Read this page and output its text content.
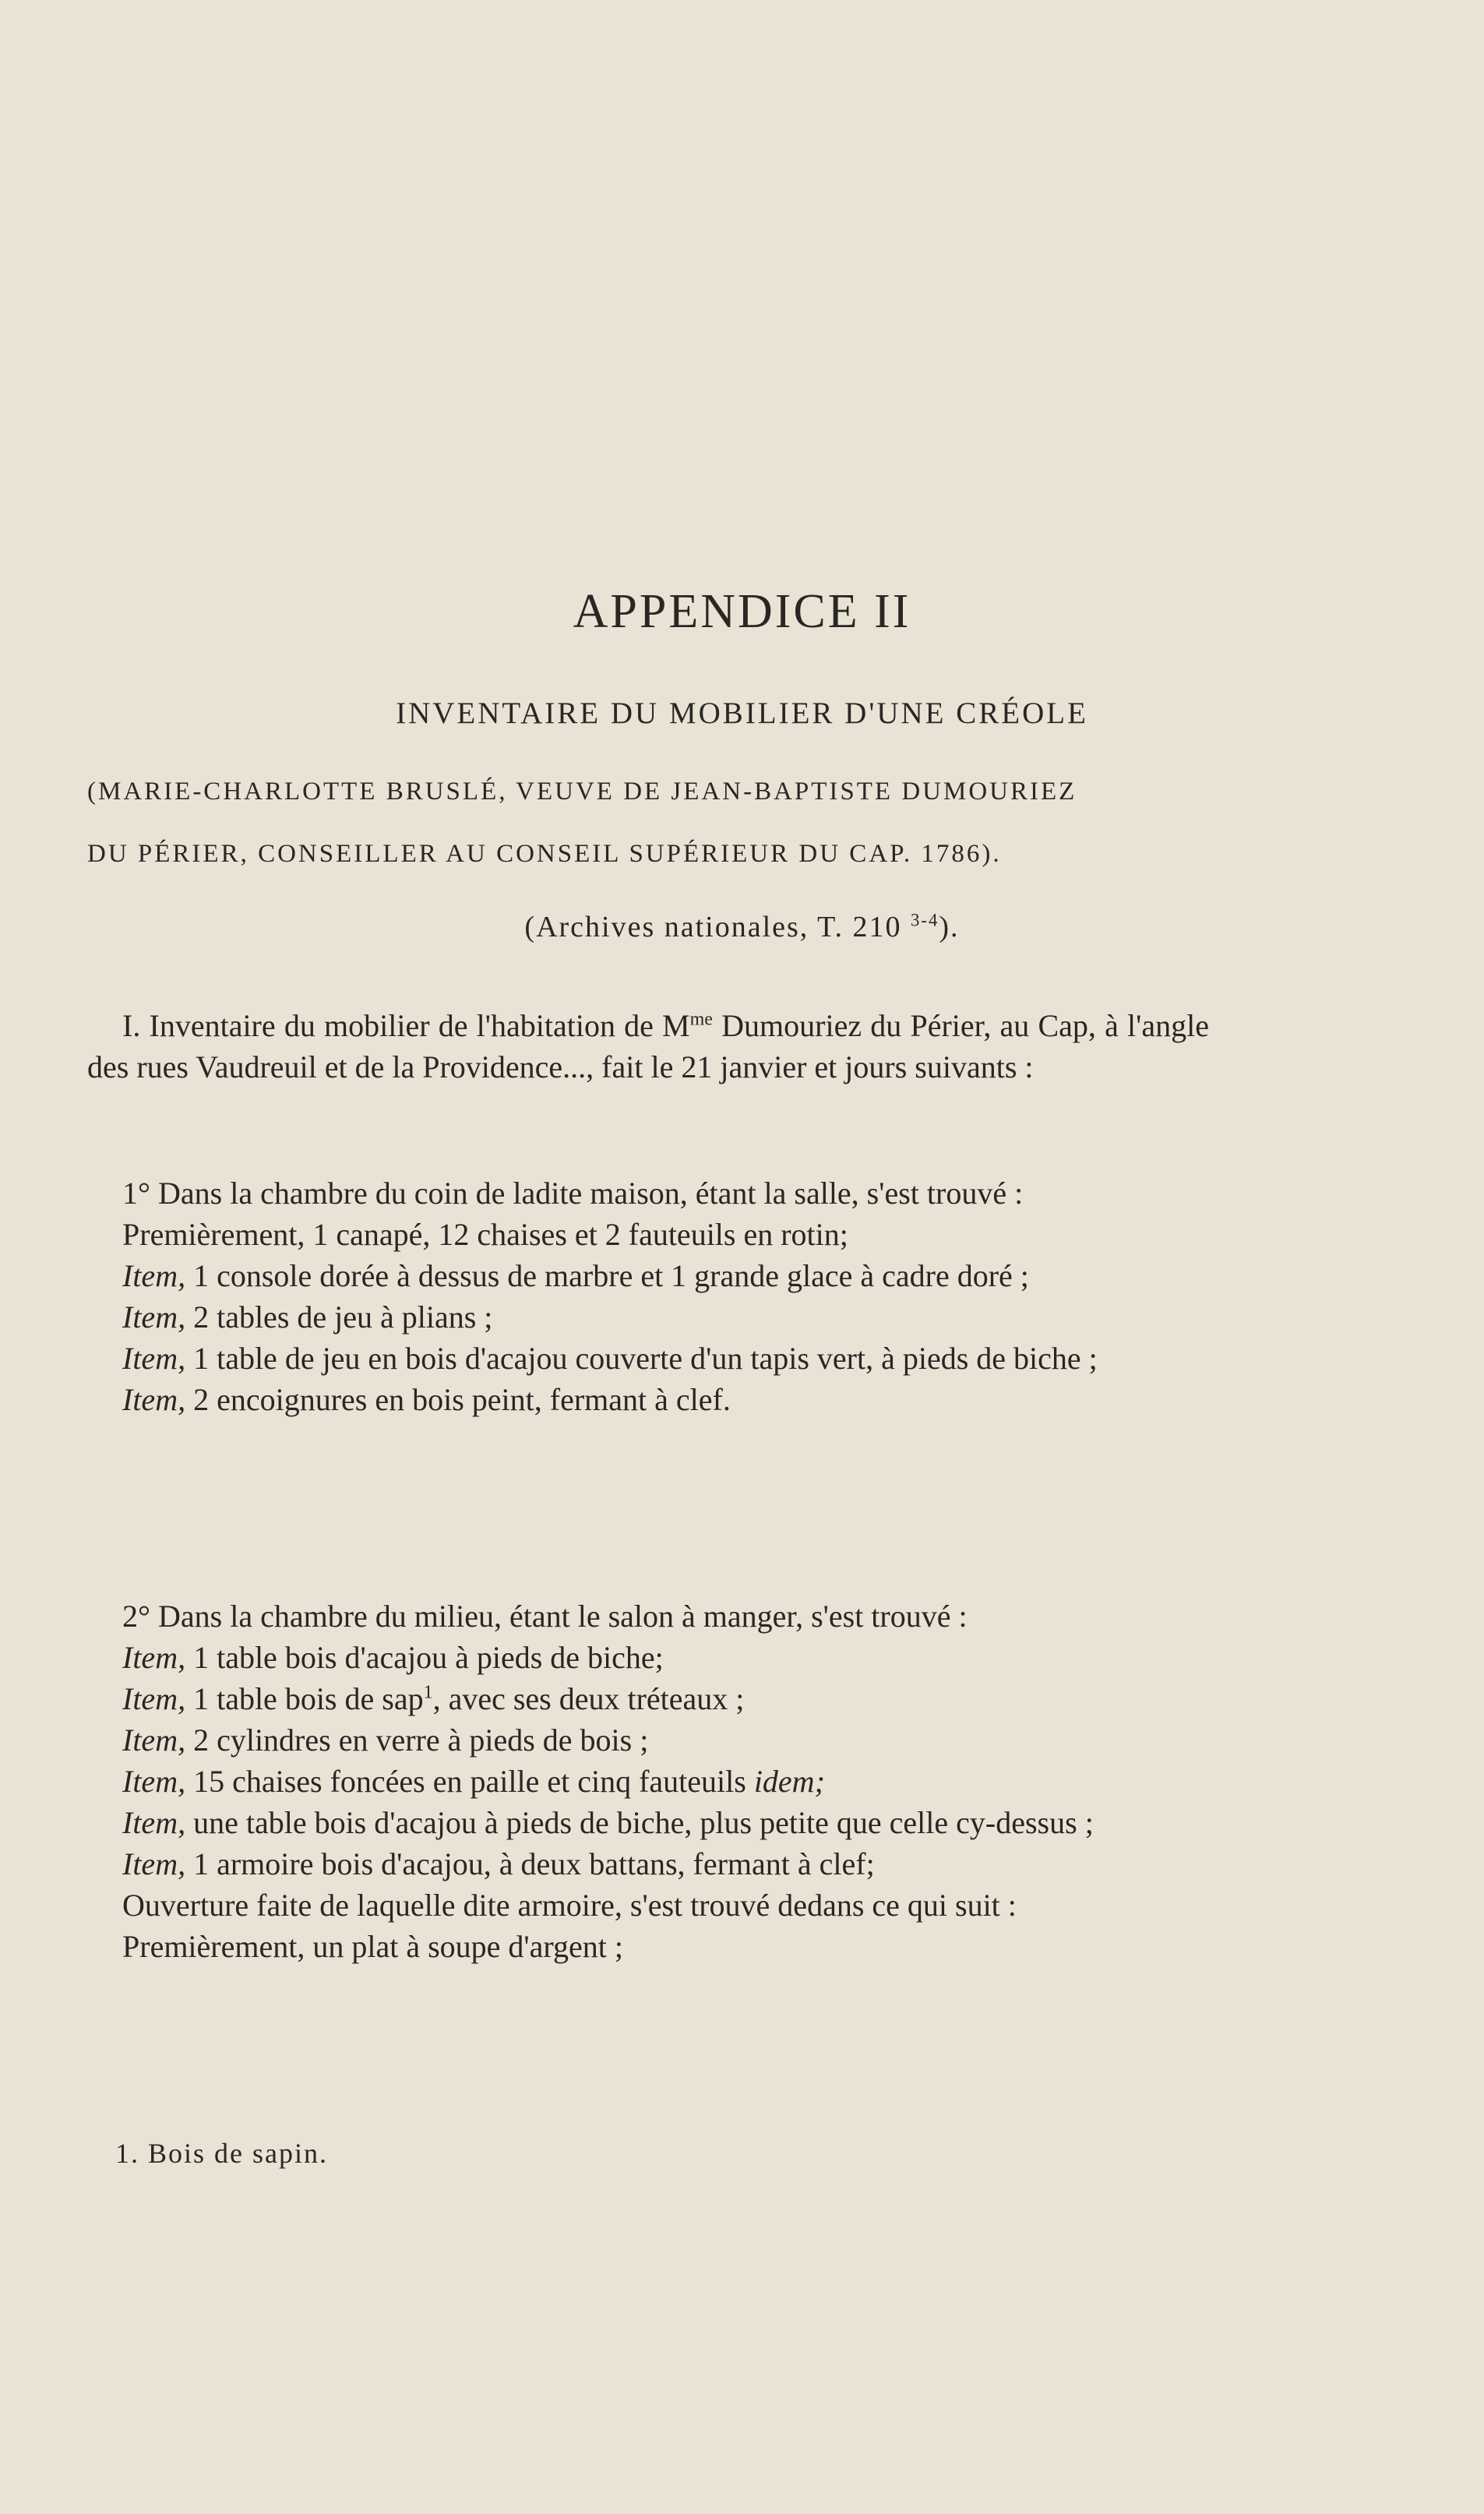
APPENDICE II
INVENTAIRE DU MOBILIER D'UNE CRÉOLE
(MARIE-CHARLOTTE BRUSLÉ, VEUVE DE JEAN-BAPTISTE DUMOURIEZ
DU PÉRIER, CONSEILLER AU CONSEIL SUPÉRIEUR DU CAP. 1786).
(Archives nationales, T. 210 $^{3-4}$).

I. Inventaire du mobilier de l'habitation de $M^{me}$ Dumouriez du Périer, au Cap, à l'angle des rues Vaudreuil et de la Providence..., fait le 21 janvier et jours suivants :

1° Dans la chambre du coin de ladite maison, étant la salle, s'est trouvé :

Premièrement, 1 canapé, 12 chaises et 2 fauteuils en rotin;

Item, 1 console dorée à dessus de marbre et 1 grande glace à cadre doré ;

Item, 2 tables de jeu à plians ;

Item, 1 table de jeu en bois d'acajou couverte d'un tapis vert, à pieds de biche ;

Item, 2 encoignures en bois peint, fermant à clef.

2° Dans la chambre du milieu, étant le salon à manger, s'est trouvé :

Item, 1 table bois d'acajou à pieds de biche;

Item, 1 table bois de sap$^1$, avec ses deux tréteaux ;

Item, 2 cylindres en verre à pieds de bois ;

Item, 15 chaises foncées en paille et cinq fauteuils idem;

Item, une table bois d'acajou à pieds de biche, plus petite que celle cy-dessus ;

Item, 1 armoire bois d'acajou, à deux battans, fermant à clef;

Ouverture faite de laquelle dite armoire, s'est trouvé dedans ce qui suit :

Premièrement, un plat à soupe d'argent ;

1. Bois de sapin.
